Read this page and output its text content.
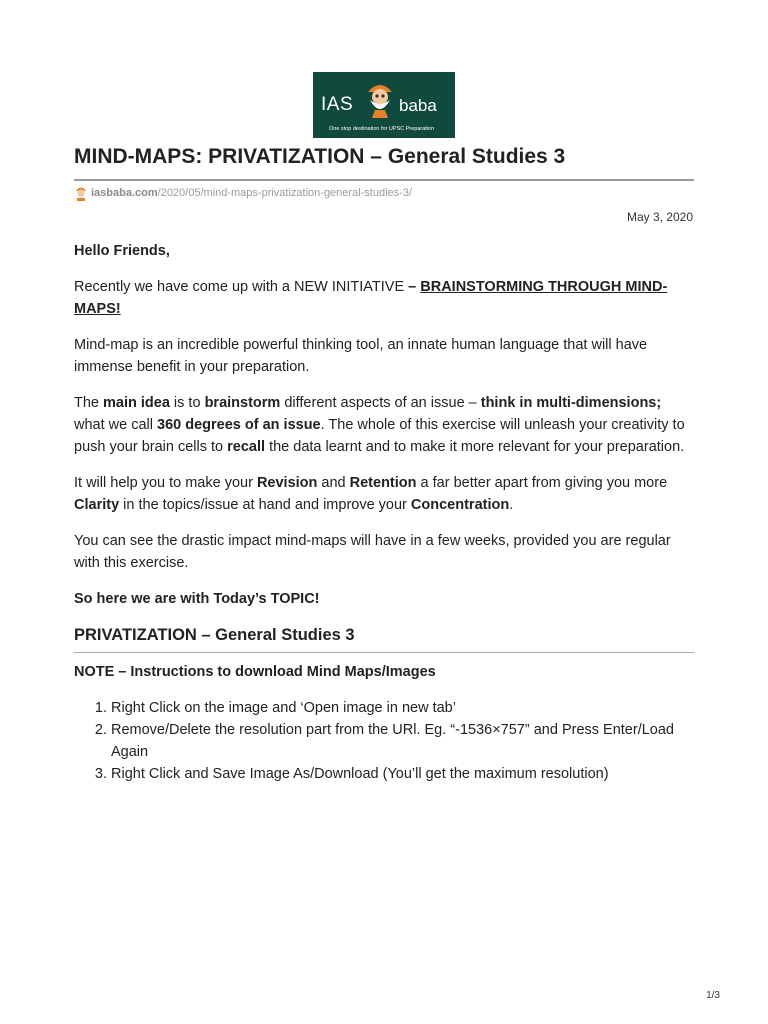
IAS	baba
One stop destination for UPSC Preparation
MIND-MAPS: PRIVATIZATION – General Studies 3
iasbaba.com/2020/05/mind-maps-privatization-general-studies-3/
May 3, 2020

Hello Friends,

Recently we have come up with a NEW INITIATIVE – BRAINSTORMING THROUGH MIND-MAPS!

Mind-map is an incredible powerful thinking tool, an innate human language that will have immense benefit in your preparation.

The main idea is to brainstorm different aspects of an issue – think in multi-dimensions; what we call 360 degrees of an issue. The whole of this exercise will unleash your creativity to push your brain cells to recall the data learnt and to make it more relevant for your preparation.

It will help you to make your Revision and Retention a far better apart from giving you more Clarity in the topics/issue at hand and improve your Concentration.

You can see the drastic impact mind-maps will have in a few weeks, provided you are regular with this exercise.

So here we are with Today’s TOPIC!

PRIVATIZATION – General Studies 3
NOTE – Instructions to download Mind Maps/Images
1. Right Click on the image and ‘Open image in new tab’
2. Remove/Delete the resolution part from the URl. Eg. “-1536×757” and Press Enter/Load Again
3. Right Click and Save Image As/Download (You’ll get the maximum resolution)
1/3
